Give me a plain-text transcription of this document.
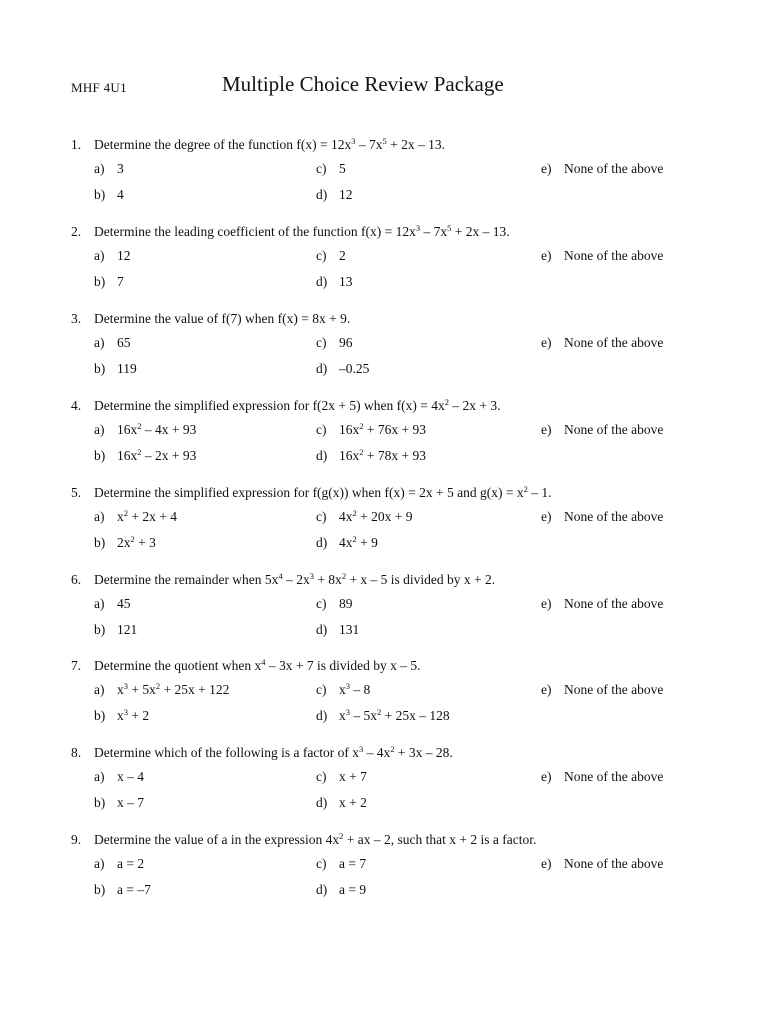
MHF 4U1	Multiple Choice Review Package
1. Determine the degree of the function $f(x) = 12x^3 - 7x^5 + 2x - 13$.
a) 3
b) 4
c) 5
d) 12
e) None of the above
2. Determine the leading coefficient of the function $f(x) = 12x^3 - 7x^5 + 2x - 13$.
a) 12
b) 7
c) 2
d) 13
e) None of the above
3. Determine the value of f(7) when f(x) = 8x + 9.
a) 65
b) 119
c) 96
d) –0.25
e) None of the above
4. Determine the simplified expression for f(2x + 5) when $f(x) = 4x^2 - 2x + 3$.
a) $16x^2 - 4x + 93$
b) $16x^2 - 2x + 93$
c) $16x^2 + 76x + 93$
d) $16x^2 + 78x + 93$
e) None of the above
5. Determine the simplified expression for f(g(x)) when f(x) = 2x + 5 and $g(x) = x^2 - 1$.
a) $x^2 + 2x + 4$
b) $2x^2 + 3$
c) $4x^2 + 20x + 9$
d) $4x^2 + 9$
e) None of the above
6. Determine the remainder when $5x^4 - 2x^3 + 8x^2 + x - 5$ is divided by x + 2.
a) 45
b) 121
c) 89
d) 131
e) None of the above
7. Determine the quotient when $x^4 - 3x + 7$ is divided by x – 5.
a) $x^3 + 5x^2 + 25x + 122$
b) $x^3 + 2$
c) $x^3 - 8$
d) $x^3 - 5x^2 + 25x - 128$
e) None of the above
8. Determine which of the following is a factor of $x^3 - 4x^2 + 3x - 28$.
a) x – 4
b) x – 7
c) x + 7
d) x + 2
e) None of the above
9. Determine the value of a in the expression $4x^2$ + ax – 2, such that x + 2 is a factor.
a) a = 2
b) a = –7
c) a = 7
d) a = 9
e) None of the above
